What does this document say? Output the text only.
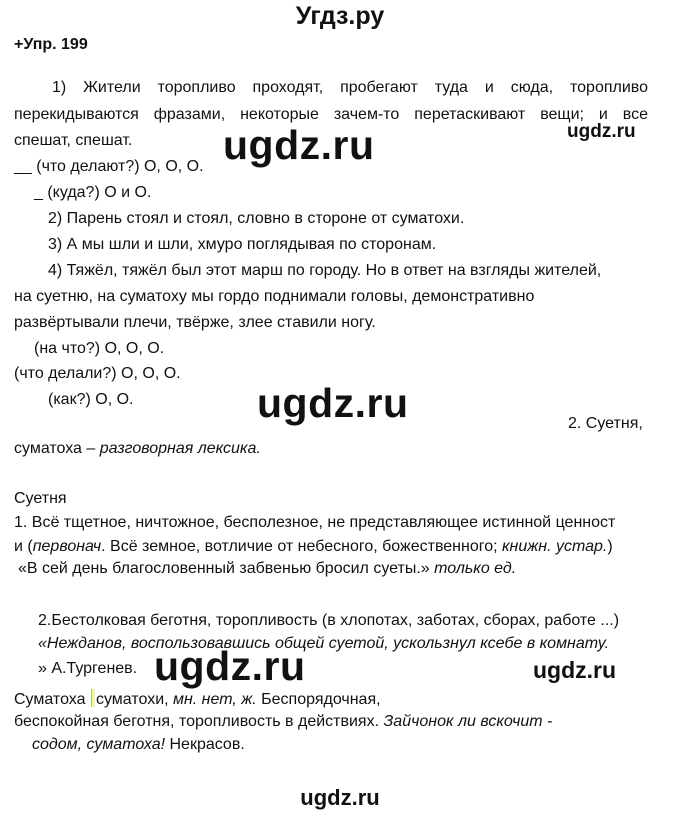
Угдз.ру
+Упр. 199
1) Жители торопливо проходят, пробегают туда и сюда, торопливо
перекидываются фразами, некоторые зачем-то перетаскивают вещи; и все
спешат, спешат.	ugdz.ru
ugdz.ru
__ (что делают?) О, О, О.
_ (куда?) О и О.
2) Парень стоял и стоял, словно в стороне от суматохи.
3) А мы шли и шли, хмуро поглядывая по сторонам.
4) Тяжёл, тяжёл был этот марш по городу. Но в ответ на взгляды жителей,
на суетню, на суматоху мы гордо поднимали головы, демонстративно
развёртывали плечи, твёрже, злее ставили ногу.
(на что?) О, О, О.
(что делали?) О, О, О.
(как?) О, О.	ugdz.ru	2. Суетня,
суматоха – разговорная лексика.
Суетня
1. Всё тщетное, ничтожное, бесполезное, не представляющее истинной ценност
и (первонач. Всё земное, вотличие от небесного, божественного; книжн. устар.)
«В сей день благословенный забвенью бросил суеты.» только ед.
2.Бестолковая беготня, торопливость (в хлопотах, заботах, сборах, работе ...)
«Нежданов, воспользовавшись общей суетой, ускользнул ксебе в комнату.
» А.Тургенев. ugdz.ru	ugdz.ru
Суматоха суматохи, мн. нет, ж. Беспорядочная,
беспокойная беготня, торопливость в действиях. Зайчонок ли вскочит -
содом, суматоха! Некрасов.
ugdz.ru
